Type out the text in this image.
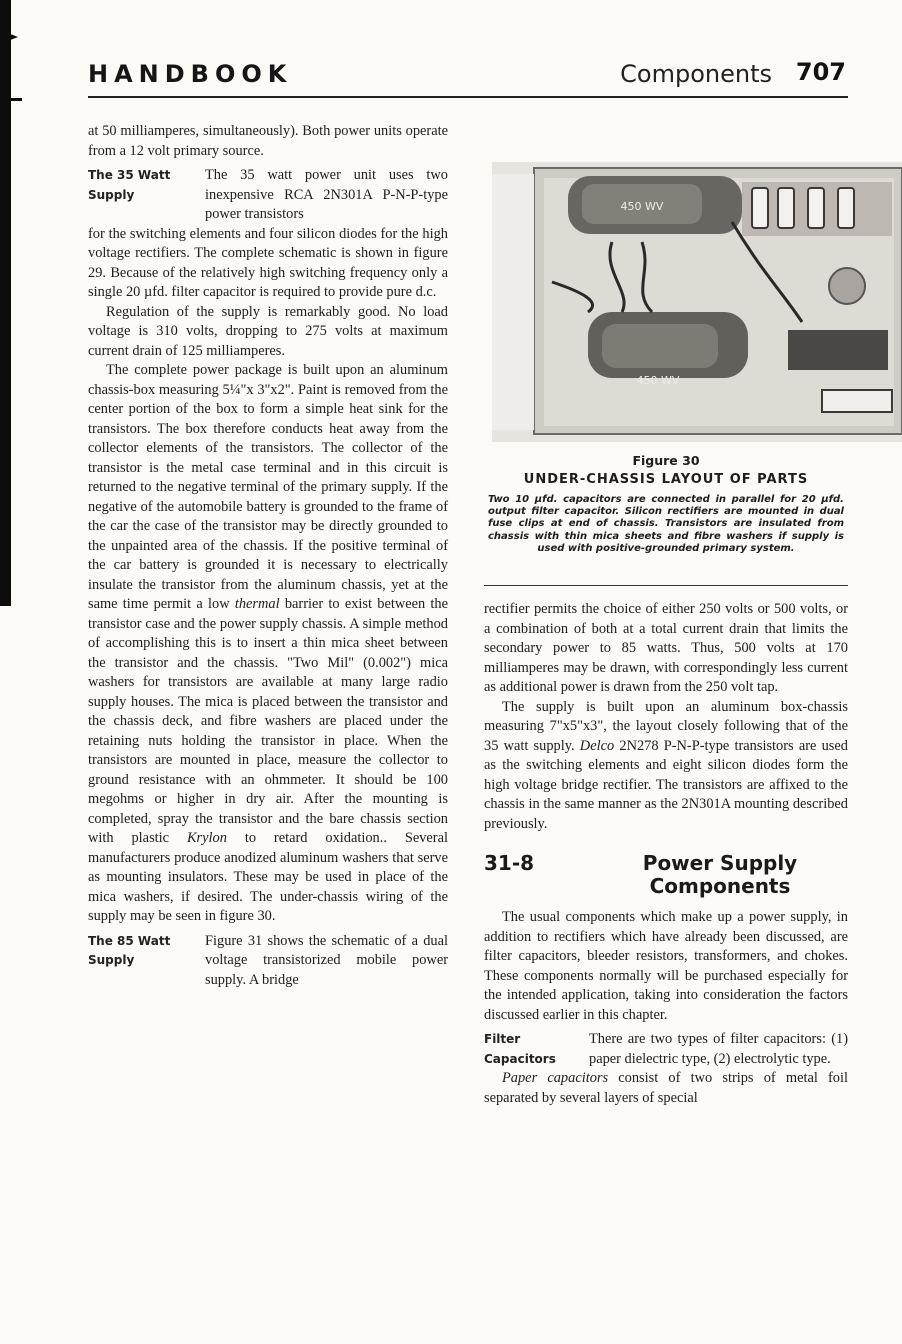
HANDBOOK	Components 707

at 50 milliamperes, simultaneously). Both power units operate from a 12 volt primary source.

The 35 Watt
Supply
The 35 watt power unit uses two inexpensive RCA 2N301A P-N-P-type power transistors

for the switching elements and four silicon diodes for the high voltage rectifiers. The complete schematic is shown in figure 29. Because of the relatively high switching frequency only a single 20 µfd. filter capacitor is required to provide pure d.c.

Regulation of the supply is remarkably good. No load voltage is 310 volts, dropping to 275 volts at maximum current drain of 125 milliamperes.

The complete power package is built upon an aluminum chassis-box measuring 5¼"x 3"x2". Paint is removed from the center portion of the box to form a simple heat sink for the transistors. The box therefore conducts heat away from the collector elements of the transistors. The collector of the transistor is the metal case terminal and in this circuit is returned to the negative terminal of the primary supply. If the negative of the automobile battery is grounded to the frame of the car the case of the transistor may be directly grounded to the unpainted area of the chassis. If the positive terminal of the car battery is grounded it is necessary to electrically insulate the transistor from the aluminum chassis, yet at the same time permit a low thermal barrier to exist between the transistor case and the power supply chassis. A simple method of accomplishing this is to insert a thin mica sheet between the transistor and the chassis. "Two Mil" (0.002") mica washers for transistors are available at many large radio supply houses. The mica is placed between the transistor and the chassis deck, and fibre washers are placed under the retaining nuts holding the transistor in place. When the transistors are mounted in place, measure the collector to ground resistance with an ohmmeter. It should be 100 megohms or higher in dry air. After the mounting is completed, spray the transistor and the bare chassis section with plastic Krylon to retard oxidation.. Several manufacturers produce anodized aluminum washers that serve as mounting insulators. These may be used in place of the mica washers, if desired. The under-chassis wiring of the supply may be seen in figure 30.

The 85 Watt
Supply
Figure 31 shows the schematic of a dual voltage transistorized mobile power supply. A bridge
450 WV
450 WV
Figure 30
UNDER-CHASSIS LAYOUT OF PARTS
Two 10 µfd. capacitors are connected in parallel for 20 µfd. output filter capacitor. Silicon rectifiers are mounted in dual fuse clips at end of chassis. Transistors are insulated from chassis with thin mica sheets and fibre washers if supply is used with positive-grounded primary system.

rectifier permits the choice of either 250 volts or 500 volts, or a combination of both at a total current drain that limits the secondary power to 85 watts. Thus, 500 volts at 170 milliamperes may be drawn, with correspondingly less current as additional power is drawn from the 250 volt tap.

The supply is built upon an aluminum box-chassis measuring 7"x5"x3", the layout closely following that of the 35 watt supply. Delco 2N278 P-N-P-type transistors are used as the switching elements and eight silicon diodes form the high voltage bridge rectifier. The transistors are affixed to the chassis in the same manner as the 2N301A mounting described previously.

31-8	Power Supply
Components

The usual components which make up a power supply, in addition to rectifiers which have already been discussed, are filter capacitors, bleeder resistors, transformers, and chokes. These components normally will be purchased especially for the intended application, taking into consideration the factors discussed earlier in this chapter.

Filter
Capacitors
There are two types of filter capacitors: (1) paper dielectric type, (2) electrolytic type.

Paper capacitors consist of two strips of metal foil separated by several layers of special
